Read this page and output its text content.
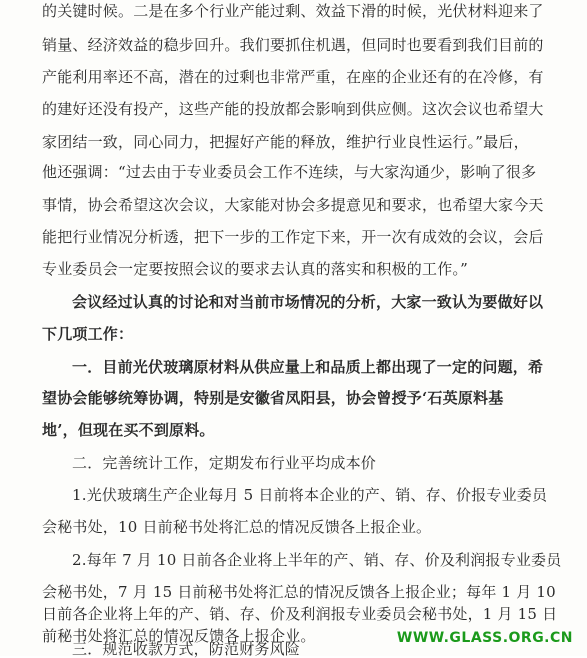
的关键时候。二是在多个行业产能过剩、效益下滑的时候，光伏材料迎来了
销量、经济效益的稳步回升。我们要抓住机遇，但同时也要看到我们目前的
产能利用率还不高，潜在的过剩也非常严重，在座的企业还有的在冷修，有
的建好还没有投产，这些产能的投放都会影响到供应侧。这次会议也希望大
家团结一致，同心同力，把握好产能的释放，维护行业良性运行。”最后，
他还强调：“过去由于专业委员会工作不连续，与大家沟通少，影响了很多
事情，协会希望这次会议，大家能对协会多提意见和要求，也希望大家今天
能把行业情况分析透，把下一步的工作定下来，开一次有成效的会议，会后
专业委员会一定要按照会议的要求去认真的落实和积极的工作。”
会议经过认真的讨论和对当前市场情况的分析，大家一致认为要做好以
下几项工作：
一．目前光伏玻璃原材料从供应量上和品质上都出现了一定的问题，希
望协会能够统筹协调，特别是安徽省凤阳县，协会曾授予‘石英原料基
地’，但现在买不到原料。
二．完善统计工作，定期发布行业平均成本价
1.光伏玻璃生产企业每月 5 日前将本企业的产、销、存、价报专业委员
会秘书处，10 日前秘书处将汇总的情况反馈各上报企业。
2.每年 7 月 10 日前各企业将上半年的产、销、存、价及利润报专业委员
会秘书处，7 月 15 日前秘书处将汇总的情况反馈各上报企业；每年 1 月 10
日前各企业将上年的产、销、存、价及利润报专业委员会秘书处，1 月 15 日
前秘书处将汇总的情况反馈各上报企业。
三．规范收款方式，防范财务风险
WWW.GLASS.ORG.CN
